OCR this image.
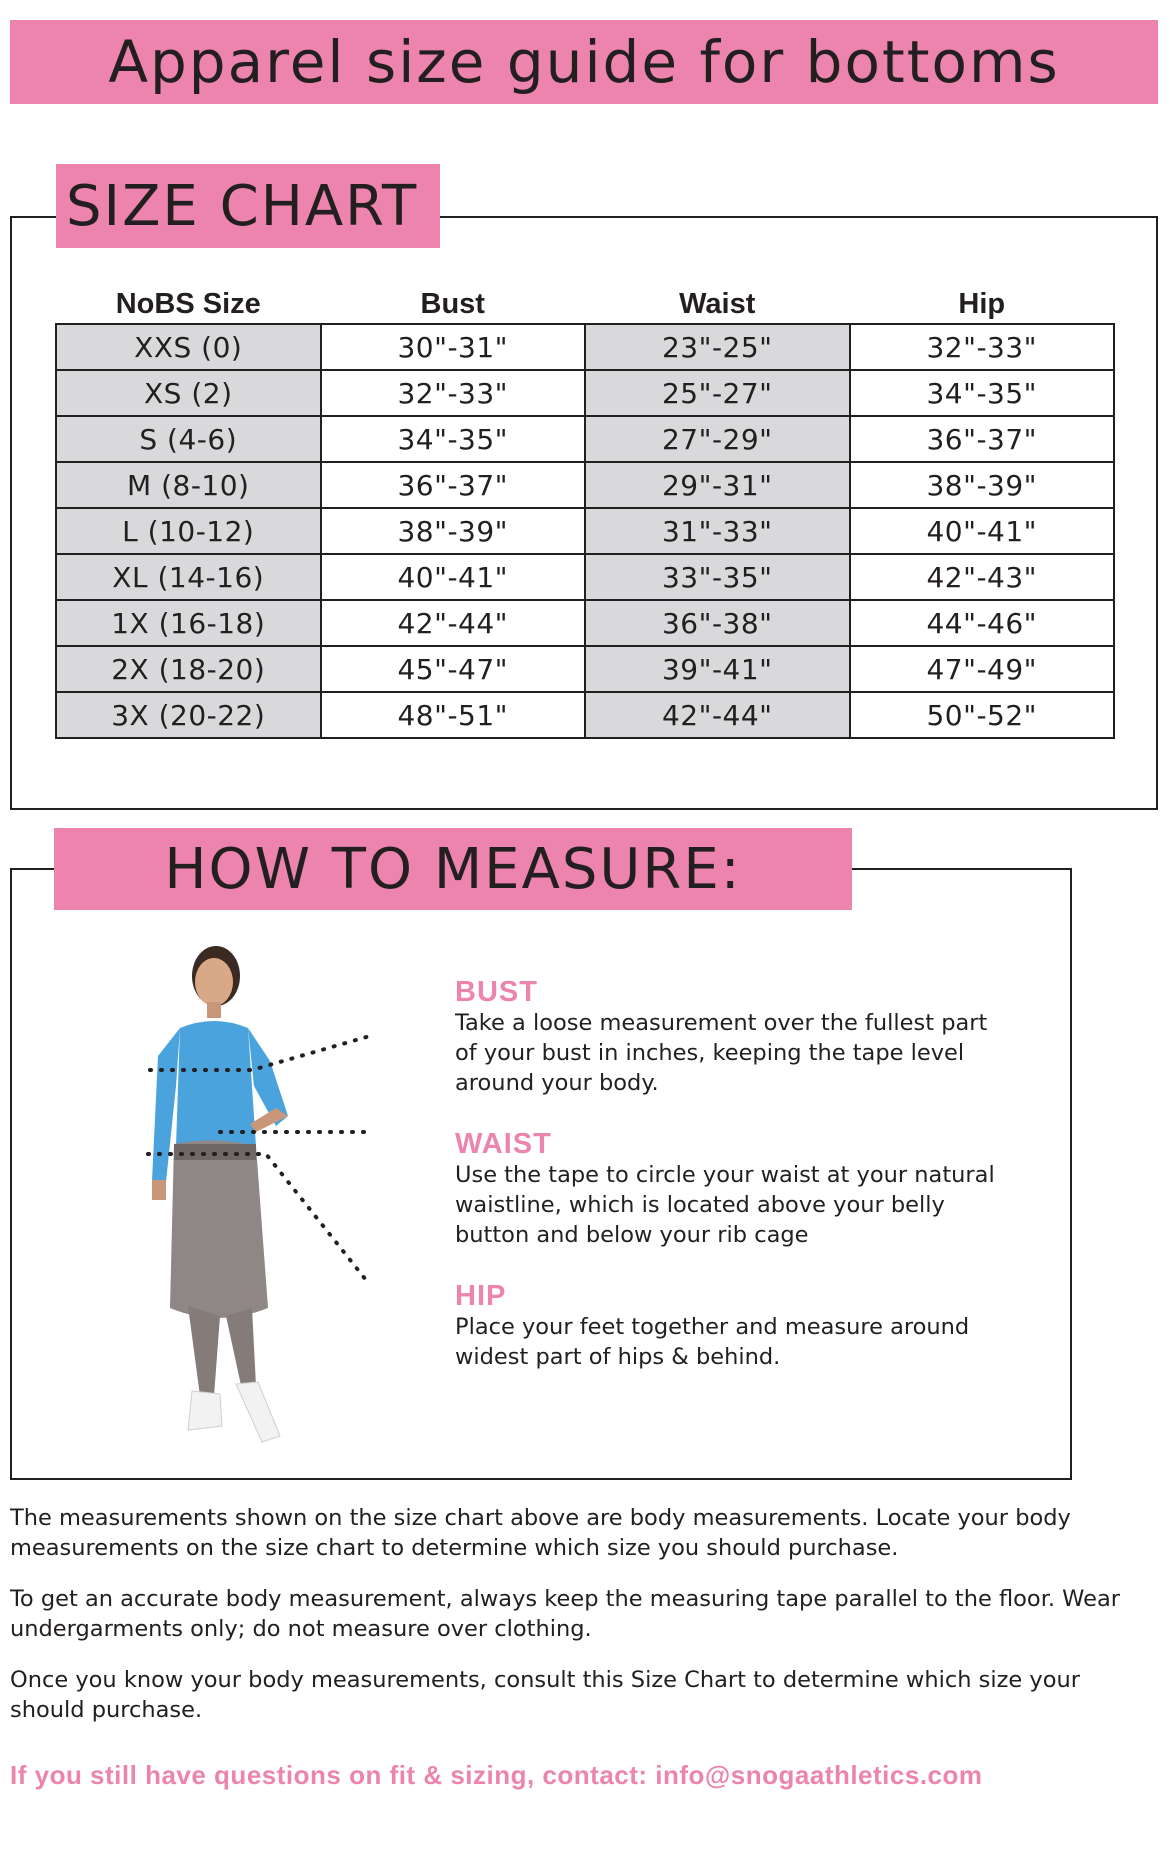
Apparel size guide for bottoms
SIZE CHART
NoBS Size	Bust	Waist	Hip
XXS (0)	30"-31"	23"-25"	32"-33"
XS (2)	32"-33"	25"-27"	34"-35"
S (4-6)	34"-35"	27"-29"	36"-37"
M (8-10)	36"-37"	29"-31"	38"-39"
L (10-12)	38"-39"	31"-33"	40"-41"
XL (14-16)	40"-41"	33"-35"	42"-43"
1X (16-18)	42"-44"	36"-38"	44"-46"
2X (18-20)	45"-47"	39"-41"	47"-49"
3X (20-22)	48"-51"	42"-44"	50"-52"
HOW TO MEASURE:
BUST
Take a loose measurement over the fullest part of your bust in inches, keeping the tape level around your body.
WAIST
Use the tape to circle your waist at your natural waistline, which is located above your belly button and below your rib cage
HIP
Place your feet together and measure around widest part of hips & behind.

The measurements shown on the size chart above are body measurements. Locate your body measurements on the size chart to determine which size you should purchase.

To get an accurate body measurement, always keep the measuring tape parallel to the floor. Wear undergarments only; do not measure over clothing.

Once you know your body measurements, consult this Size Chart to determine which size your should purchase.

If you still have questions on fit & sizing, contact: info@snogaathletics.com
